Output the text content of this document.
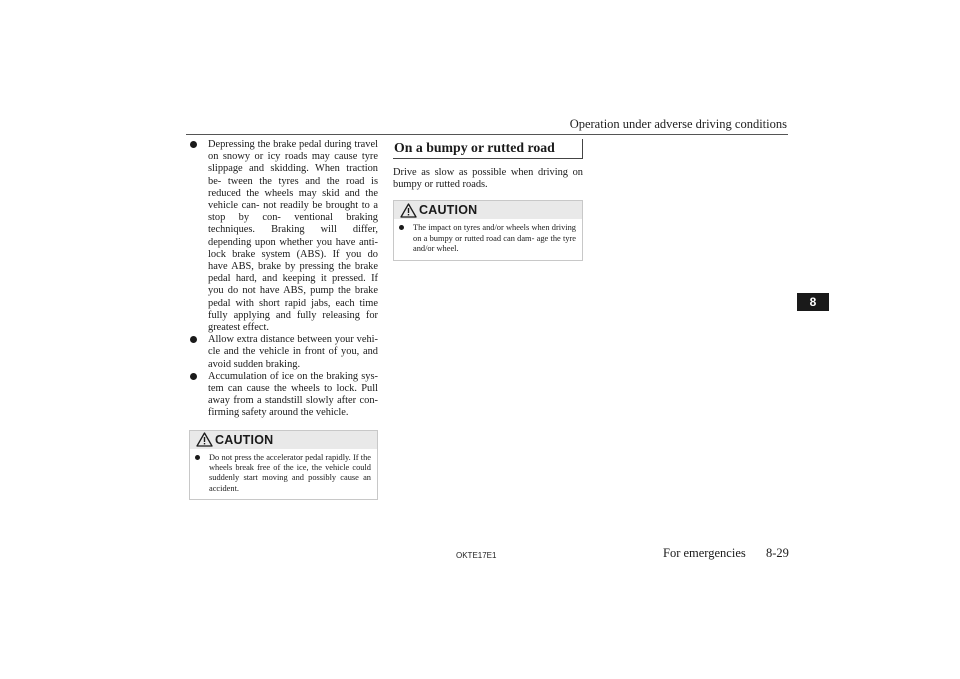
Operation under adverse driving conditions
Depressing the brake pedal during travel on snowy or icy roads may cause tyre slippage and skidding. When traction be- tween the tyres and the road is reduced the wheels may skid and the vehicle can- not readily be brought to a stop by con- ventional braking techniques. Braking will differ, depending upon whether you have anti-lock brake system (ABS). If you do have ABS, brake by pressing the brake pedal hard, and keeping it pressed. If you do not have ABS, pump the brake pedal with short rapid jabs, each time fully applying and fully releasing for greatest effect.
Allow extra distance between your vehi- cle and the vehicle in front of you, and avoid sudden braking.
Accumulation of ice on the braking sys- tem can cause the wheels to lock. Pull away from a standstill slowly after con- firming safety around the vehicle.
CAUTION
Do not press the accelerator pedal rapidly. If the wheels break free of the ice, the vehicle could suddenly start moving and possibly cause an accident.
On a bumpy or rutted road

Drive as slow as possible when driving on bumpy or rutted roads.

CAUTION
The impact on tyres and/or wheels when driving on a bumpy or rutted road can dam- age the tyre and/or wheel.
8
OKTE17E1	For emergencies 8-29
